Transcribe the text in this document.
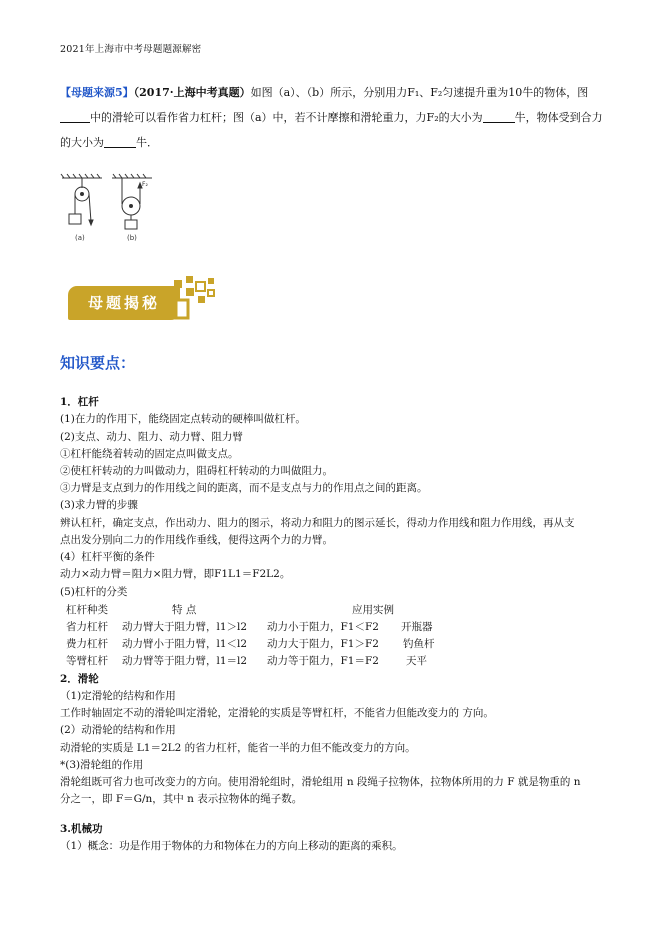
2021年上海市中考母题题源解密
【母题来源5】（2017·上海中考真题）如图（a）、（b）所示，分别用力F₁、F₂匀速提升重为10牛的物体，图
中的滑轮可以看作省力杠杆；图（a）中，若不计摩擦和滑轮重力，力F₂的大小为	牛，物体受到合力
的大小为	牛．
(a)
F₂
(b)
母题揭秘
知识要点：
1．杠杆
(1)在力的作用下，能绕固定点转动的硬棒叫做杠杆。
(2)支点、动力、阻力、动力臂、阻力臂
①杠杆能绕着转动的固定点叫做支点。
②使杠杆转动的力叫做动力，阻碍杠杆转动的力叫做阻力。
③力臂是支点到力的作用线之间的距离，而不是支点与力的作用点之间的距离。
(3)求力臂的步骤
辨认杠杆，确定支点，作出动力、阻力的图示，将动力和阻力的图示延长，得动力作用线和阻力作用线，再从支
点出发分别向二力的作用线作垂线，便得这两个力的力臂。
(4）杠杆平衡的条件
动力×动力臂＝阻力×阻力臂，即F1L1＝F2L2。
(5)杠杆的分类
杠杆种类	特 点	应用实例
省力杠杆 动力臂大于阻力臂，l1＞l2 动力小于阻力，F1＜F2 开瓶器
费力杠杆 动力臂小于阻力臂，l1＜l2 动力大于阻力，F1＞F2 钓鱼杆
等臂杠杆 动力臂等于阻力臂，l1＝l2 动力等于阻力，F1＝F2	天平
2．滑轮
（1)定滑轮的结构和作用
工作时轴固定不动的滑轮叫定滑轮，定滑轮的实质是等臂杠杆，不能省力但能改变力的 方向。
(2）动滑轮的结构和作用
动滑轮的实质是 L1＝2L2 的省力杠杆，能省一半的力但不能改变力的方向。
*(3)滑轮组的作用
滑轮组既可省力也可改变力的方向。使用滑轮组时，滑轮组用 n 段绳子拉物体，拉物体所用的力 F 就是物重的 n
分之一，即 F＝G/n，其中 n 表示拉物体的绳子数。
3.机械功
（1）概念：功是作用于物体的力和物体在力的方向上移动的距离的乘积。
